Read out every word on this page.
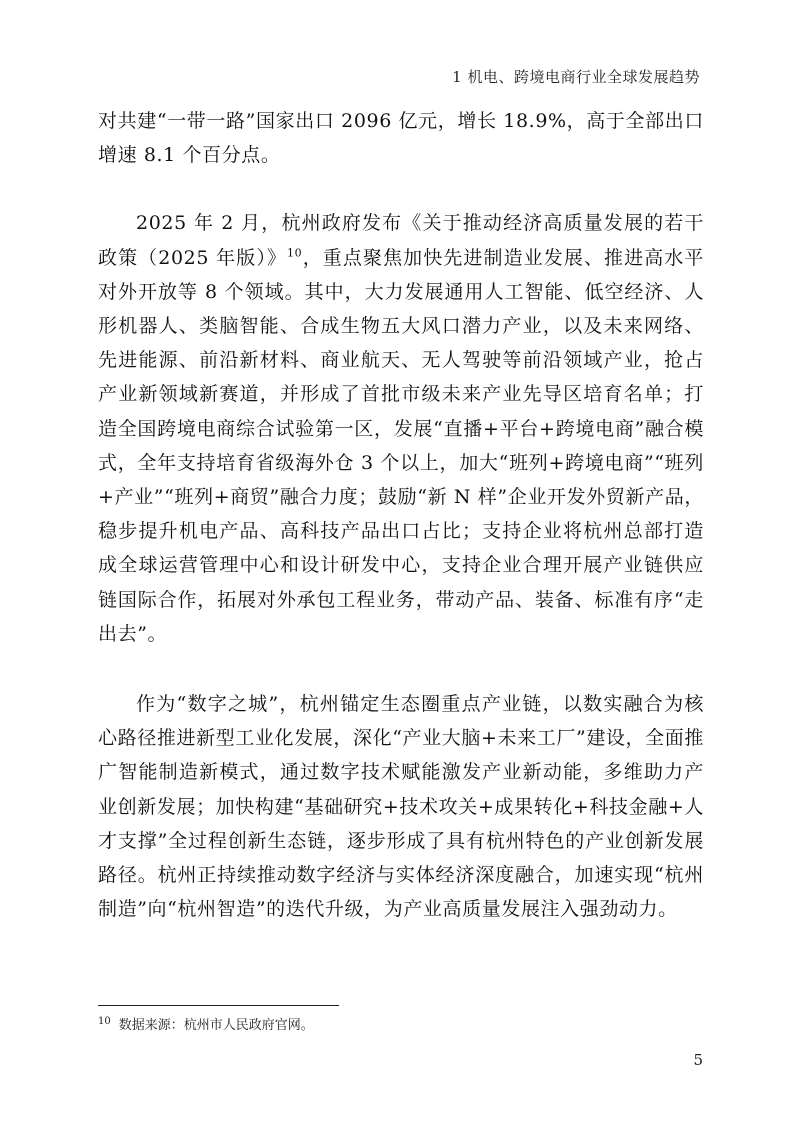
1 机电、跨境电商行业全球发展趋势

对共建“一带一路”国家出口 2096 亿元，增长 18.9%，高于全部出口增速 8.1 个百分点。

2025 年 2 月，杭州政府发布《关于推动经济高质量发展的若干政策（2025 年版）》$^{10}$，重点聚焦加快先进制造业发展、推进高水平对外开放等 8 个领域。其中，大力发展通用人工智能、低空经济、人形机器人、类脑智能、合成生物五大风口潜力产业，以及未来网络、先进能源、前沿新材料、商业航天、无人驾驶等前沿领域产业，抢占产业新领域新赛道，并形成了首批市级未来产业先导区培育名单；打造全国跨境电商综合试验第一区，发展“直播+平台+跨境电商”融合模式，全年支持培育省级海外仓 3 个以上，加大“班列+跨境电商”“班列+产业”“班列+商贸”融合力度；鼓励“新 N 样”企业开发外贸新产品，稳步提升机电产品、高科技产品出口占比；支持企业将杭州总部打造成全球运营管理中心和设计研发中心，支持企业合理开展产业链供应链国际合作，拓展对外承包工程业务，带动产品、装备、标准有序“走出去”。

作为“数字之城”，杭州锚定生态圈重点产业链，以数实融合为核心路径推进新型工业化发展，深化“产业大脑+未来工厂”建设，全面推广智能制造新模式，通过数字技术赋能激发产业新动能，多维助力产业创新发展；加快构建“基础研究+技术攻关+成果转化+科技金融+人才支撑”全过程创新生态链，逐步形成了具有杭州特色的产业创新发展路径。杭州正持续推动数字经济与实体经济深度融合，加速实现“杭州制造”向“杭州智造”的迭代升级，为产业高质量发展注入强劲动力。

$^{10}$ 数据来源：杭州市人民政府官网。
5
